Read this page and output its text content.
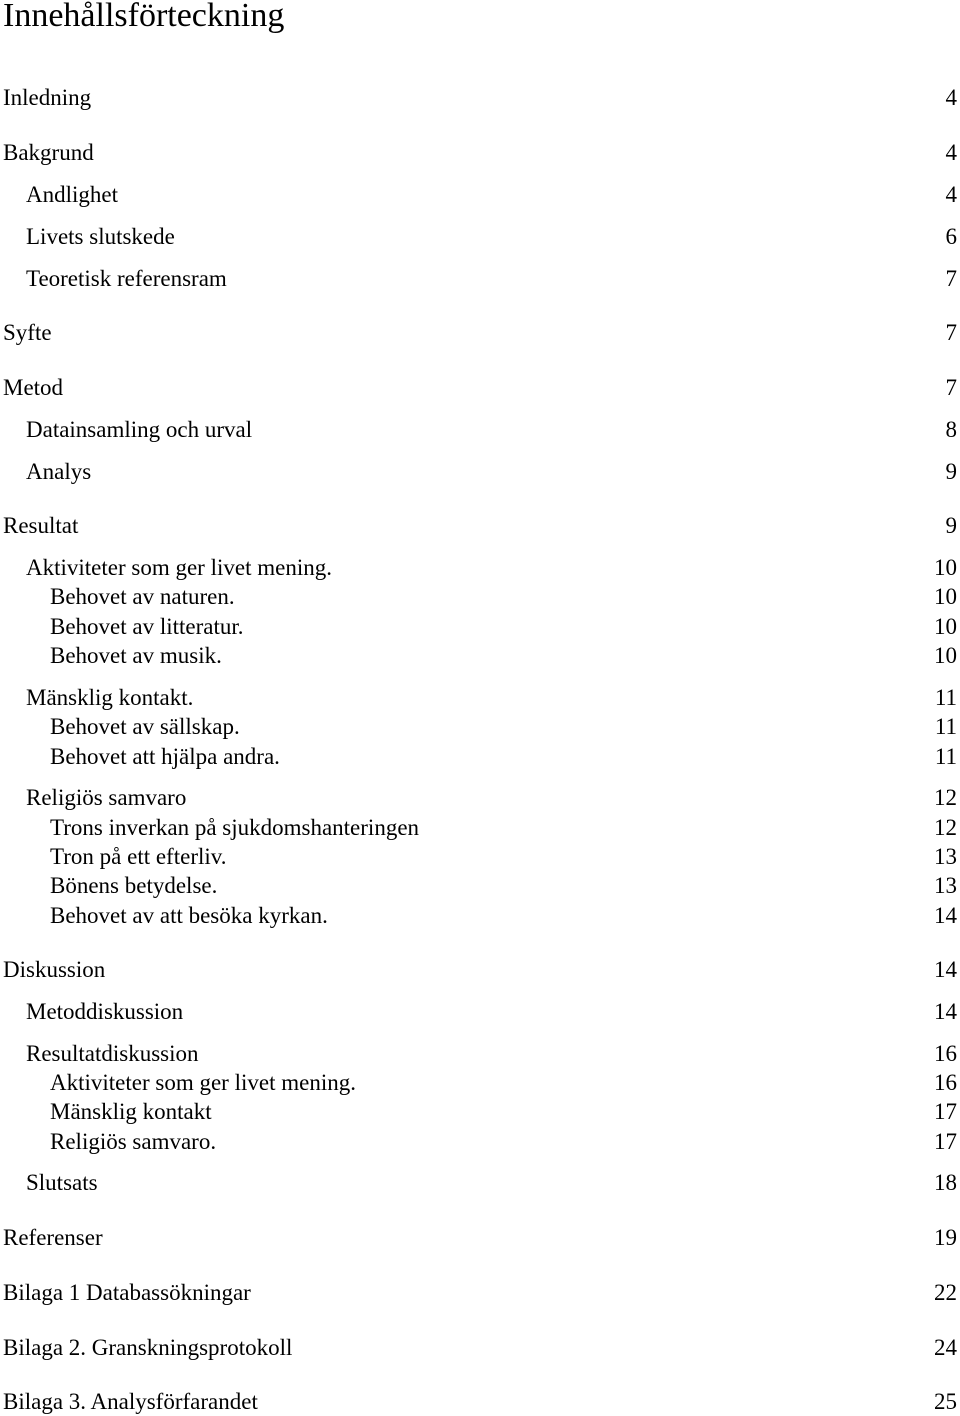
Innehållsförteckning
Inledning	4
Bakgrund	4
Andlighet	4
Livets slutskede	6
Teoretisk referensram	7
Syfte	7
Metod	7
Datainsamling och urval	8
Analys	9
Resultat	9
Aktiviteter som ger livet mening.	10
Behovet av naturen.	10
Behovet av litteratur.	10
Behovet av musik.	10
Mänsklig kontakt.	11
Behovet av sällskap.	11
Behovet att hjälpa andra.	11
Religiös samvaro	12
Trons inverkan på sjukdomshanteringen	12
Tron på ett efterliv.	13
Bönens betydelse.	13
Behovet av att besöka kyrkan.	14
Diskussion	14
Metoddiskussion	14
Resultatdiskussion	16
Aktiviteter som ger livet mening.	16
Mänsklig kontakt	17
Religiös samvaro.	17
Slutsats	18
Referenser	19
Bilaga 1 Databassökningar	22
Bilaga 2. Granskningsprotokoll	24
Bilaga 3. Analysförfarandet	25
